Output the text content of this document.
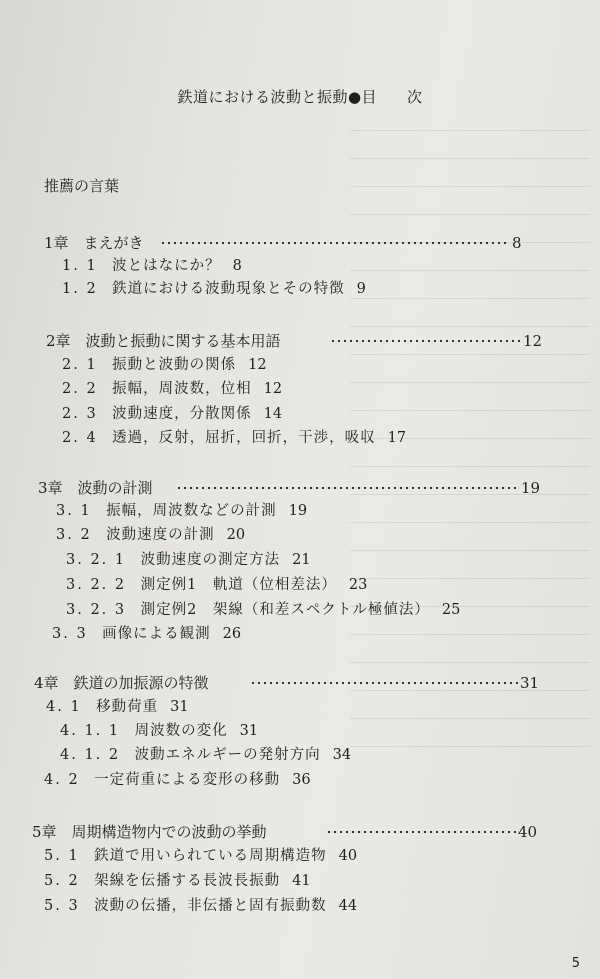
鉄道における波動と振動●目 次
推薦の言葉
1章　まえがき	8
1. 1　 波とはなにか？ 8
1. 2　 鉄道における波動現象とその特徴 9
2章　波動と振動に関する基本用語	12
2. 1　 振動と波動の関係 12
2. 2　 振幅，周波数，位相 12
2. 3　 波動速度，分散関係 14
2. 4　 透過，反射，屈折，回折，干渉，吸収 17
3章　波動の計測	19
3. 1　 振幅，周波数などの計測 19
3. 2　 波動速度の計測 20
3. 2. 1　 波動速度の測定方法 21
3. 2. 2　 測定例1　軌道（位相差法） 23
3. 2. 3　 測定例2　架線（和差スペクトル極値法） 25
3. 3　 画像による観測 26
4章　鉄道の加振源の特徴	31
4. 1　 移動荷重 31
4. 1. 1　 周波数の変化 31
4. 1. 2　 波動エネルギーの発射方向 34
4. 2　 一定荷重による変形の移動 36
5章　周期構造物内での波動の挙動	40
5. 1　 鉄道で用いられている周期構造物 40
5. 2　 架線を伝播する長波長振動 41
5. 3　 波動の伝播，非伝播と固有振動数 44
5
